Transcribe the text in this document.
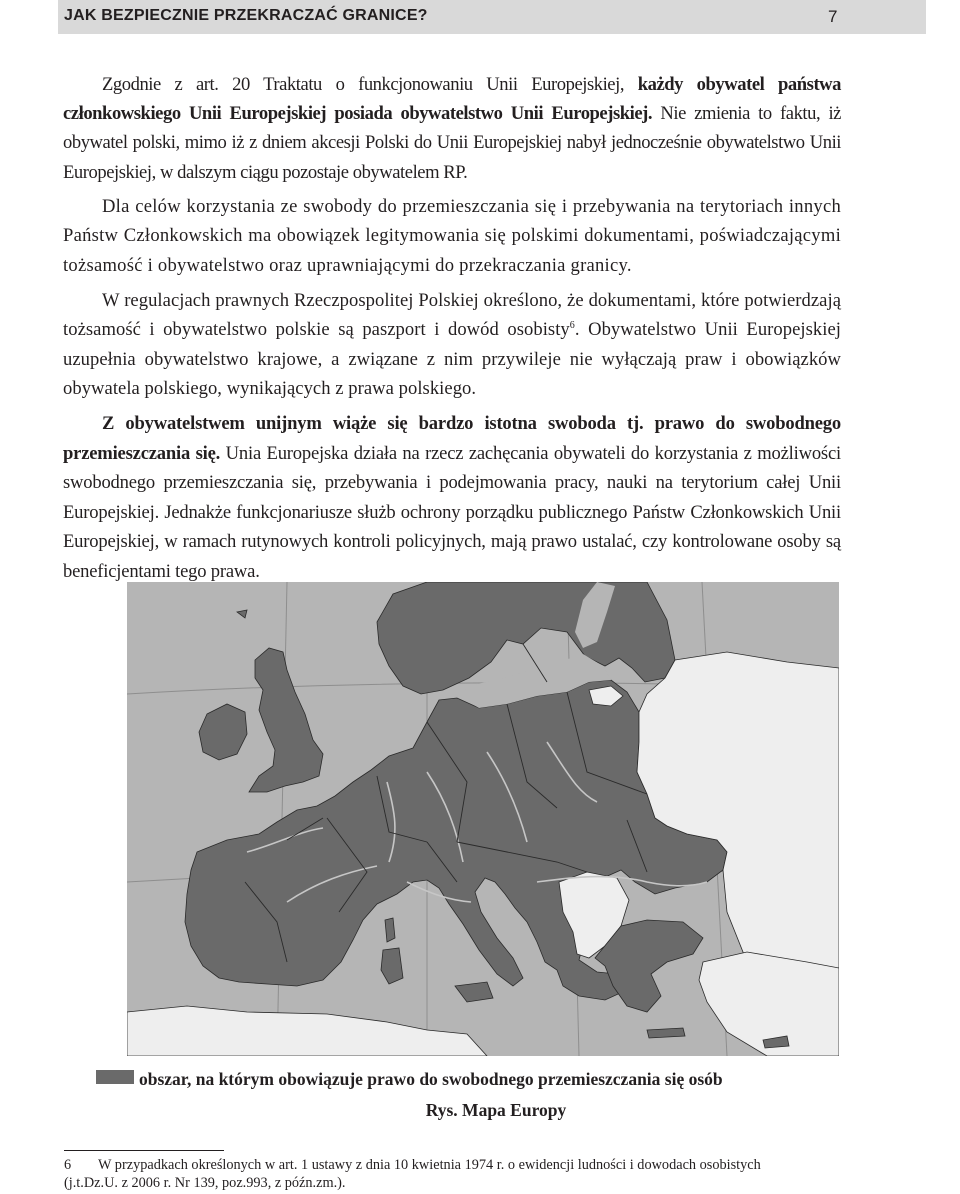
JAK BEZPIECZNIE PRZEKRACZAĆ GRANICE?	7

Zgodnie z art. 20 Traktatu o funkcjonowaniu Unii Europejskiej, każdy obywatel państwa członkowskiego Unii Europejskiej posiada obywatelstwo Unii Europejskiej. Nie zmienia to faktu, iż obywatel polski, mimo iż z dniem akcesji Polski do Unii Europejskiej nabył jednocześnie obywatelstwo Unii Europejskiej, w dalszym ciągu pozostaje obywatelem RP.

Dla celów korzystania ze swobody do przemieszczania się i przebywania na terytoriach innych Państw Członkowskich ma obowiązek legitymowania się polskimi dokumentami, poświadczającymi tożsamość i obywatelstwo oraz uprawniającymi do przekraczania granicy.

W regulacjach prawnych Rzeczpospolitej Polskiej określono, że dokumentami, które potwierdzają tożsamość i obywatelstwo polskie są paszport i dowód osobisty$^6$. Obywatelstwo Unii Europejskiej uzupełnia obywatelstwo krajowe, a związane z nim przywileje nie wyłączają praw i obowiązków obywatela polskiego, wynikających z prawa polskiego.

Z obywatelstwem unijnym wiąże się bardzo istotna swoboda tj. prawo do swobodnego przemieszczania się. Unia Europejska działa na rzecz zachęcania obywateli do korzystania z możliwości swobodnego przemieszczania się, przebywania i podejmowania pracy, nauki na terytorium całej Unii Europejskiej. Jednakże funkcjonariusze służb ochrony porządku publicznego Państw Członkowskich Unii Europejskiej, w ramach rutynowych kontroli policyjnych, mają prawo ustalać, czy kontrolowane osoby są beneficjentami tego prawa.

obszar, na którym obowiązuje prawo do swobodnego przemieszczania się osób
Rys. Mapa Europy
6 W przypadkach określonych w art. 1 ustawy z dnia 10 kwietnia 1974 r. o ewidencji ludności i dowodach osobistych
(j.t.Dz.U. z 2006 r. Nr 139, poz.993, z późn.zm.).
